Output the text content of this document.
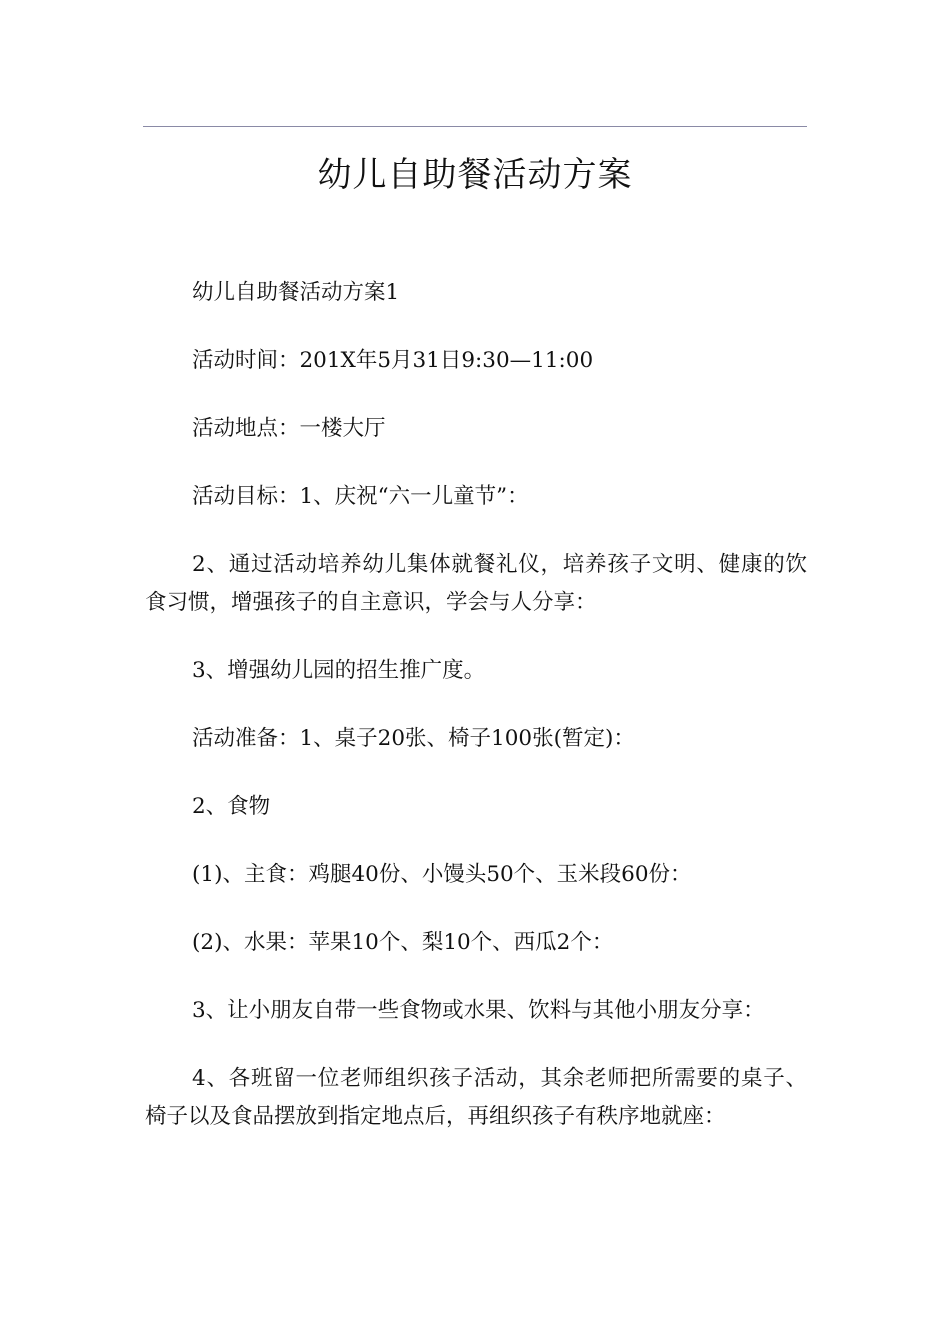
幼儿自助餐活动方案

幼儿自助餐活动方案1

活动时间：201X年5月31日9:30—11:00

活动地点：一楼大厅

活动目标：1、庆祝“六一儿童节”：

2、通过活动培养幼儿集体就餐礼仪，培养孩子文明、健康的饮食习惯，增强孩子的自主意识，学会与人分享：

3、增强幼儿园的招生推广度。

活动准备：1、桌子20张、椅子100张(暂定)：

2、食物

(1)、主食：鸡腿40份、小馒头50个、玉米段60份：

(2)、水果：苹果10个、梨10个、西瓜2个：

3、让小朋友自带一些食物或水果、饮料与其他小朋友分享：

4、各班留一位老师组织孩子活动，其余老师把所需要的桌子、椅子以及食品摆放到指定地点后，再组织孩子有秩序地就座：
